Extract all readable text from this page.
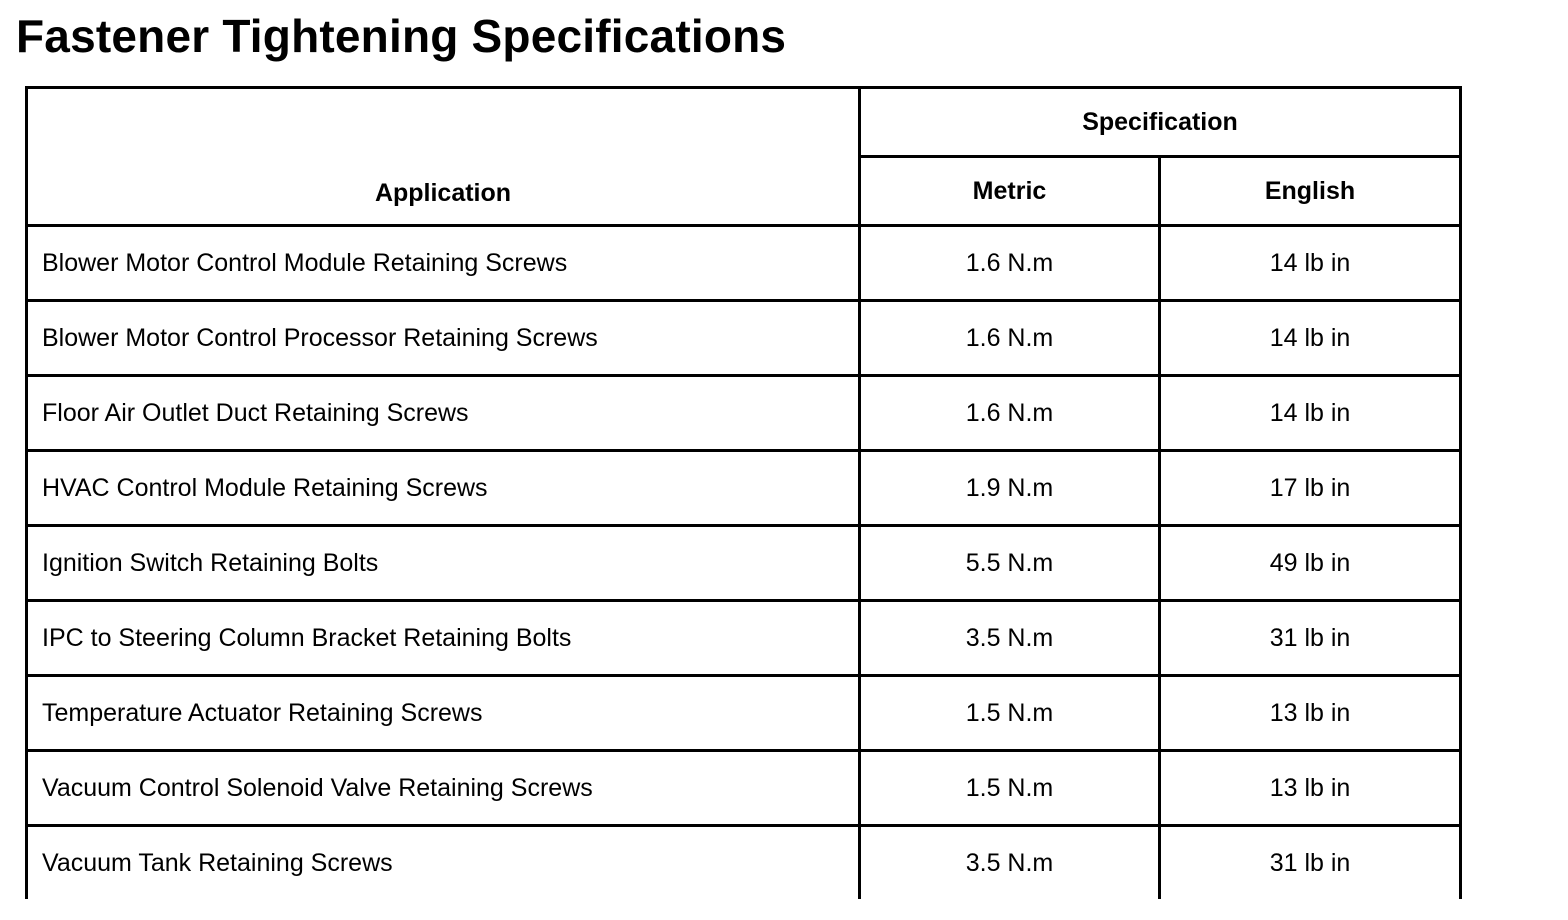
Fastener Tightening Specifications
Application	Specification	
	Metric	English
Blower Motor Control Module Retaining Screws	1.6 N.m	14 lb in
Blower Motor Control Processor Retaining Screws	1.6 N.m	14 lb in
Floor Air Outlet Duct Retaining Screws	1.6 N.m	14 lb in
HVAC Control Module Retaining Screws	1.9 N.m	17 lb in
Ignition Switch Retaining Bolts	5.5 N.m	49 lb in
IPC to Steering Column Bracket Retaining Bolts	3.5 N.m	31 lb in
Temperature Actuator Retaining Screws	1.5 N.m	13 lb in
Vacuum Control Solenoid Valve Retaining Screws	1.5 N.m	13 lb in
Vacuum Tank Retaining Screws	3.5 N.m	31 lb in
